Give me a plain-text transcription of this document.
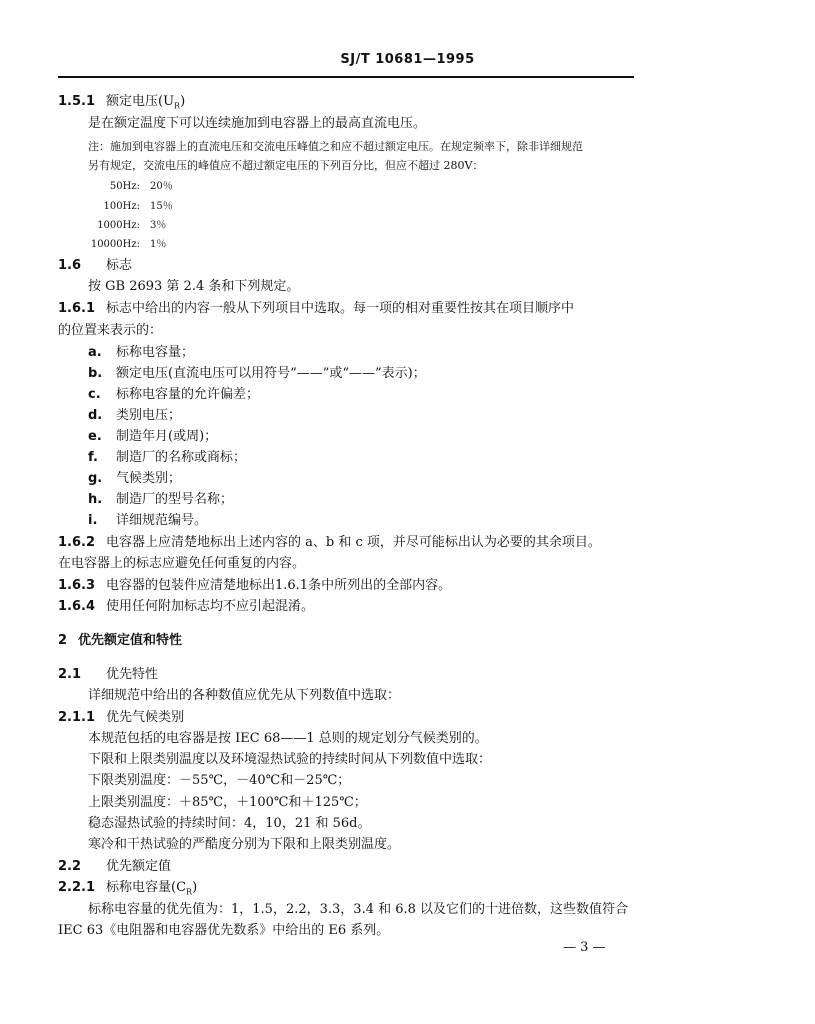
SJ/T 10681—1995
1.5.1 额定电压$(U_R)$
是在额定温度下可以连续施加到电容器上的最高直流电压。
注：施加到电容器上的直流电压和交流电压峰值之和应不超过额定电压。在规定频率下，除非详细规范
另有规定，交流电压的峰值应不超过额定电压的下列百分比，但应不超过 280V：
50Hz: 20％
100Hz: 15％
1000Hz: 3％
10000Hz: 1％
1.6 标志
按 GB 2693 第 2.4 条和下列规定。
1.6.1 标志中给出的内容一般从下列项目中选取。每一项的相对重要性按其在项目顺序中
的位置来表示的：
a. 标称电容量；
b. 额定电压(直流电压可以用符号“——”或“——”表示)；
c. 标称电容量的允许偏差；
d. 类别电压；
e. 制造年月(或周)；
f. 制造厂的名称或商标；
g. 气候类别；
h. 制造厂的型号名称；
i. 详细规范编号。
1.6.2 电容器上应清楚地标出上述内容的 a、b 和 c 项，并尽可能标出认为必要的其余项目。
在电容器上的标志应避免任何重复的内容。
1.6.3 电容器的包装件应清楚地标出1.6.1条中所列出的全部内容。
1.6.4 使用任何附加标志均不应引起混淆。
2 优先额定值和特性
2.1 优先特性
详细规范中给出的各种数值应优先从下列数值中选取：
2.1.1 优先气候类别
本规范包括的电容器是按 IEC 68——1 总则的规定划分气候类别的。
下限和上限类别温度以及环境湿热试验的持续时间从下列数值中选取：
下限类别温度：－55℃，－40℃和－25℃；
上限类别温度：＋85℃，＋100℃和＋125℃；
稳态湿热试验的持续时间：4，10，21 和 56d。
寒冷和干热试验的严酷度分别为下限和上限类别温度。
2.2 优先额定值
2.2.1 标称电容量$(C_R)$
标称电容量的优先值为：1，1.5，2.2，3.3，3.4 和 6.8 以及它们的十进倍数，这些数值符合
IEC 63《电阻器和电容器优先数系》中给出的 E6 系列。
— 3 —
